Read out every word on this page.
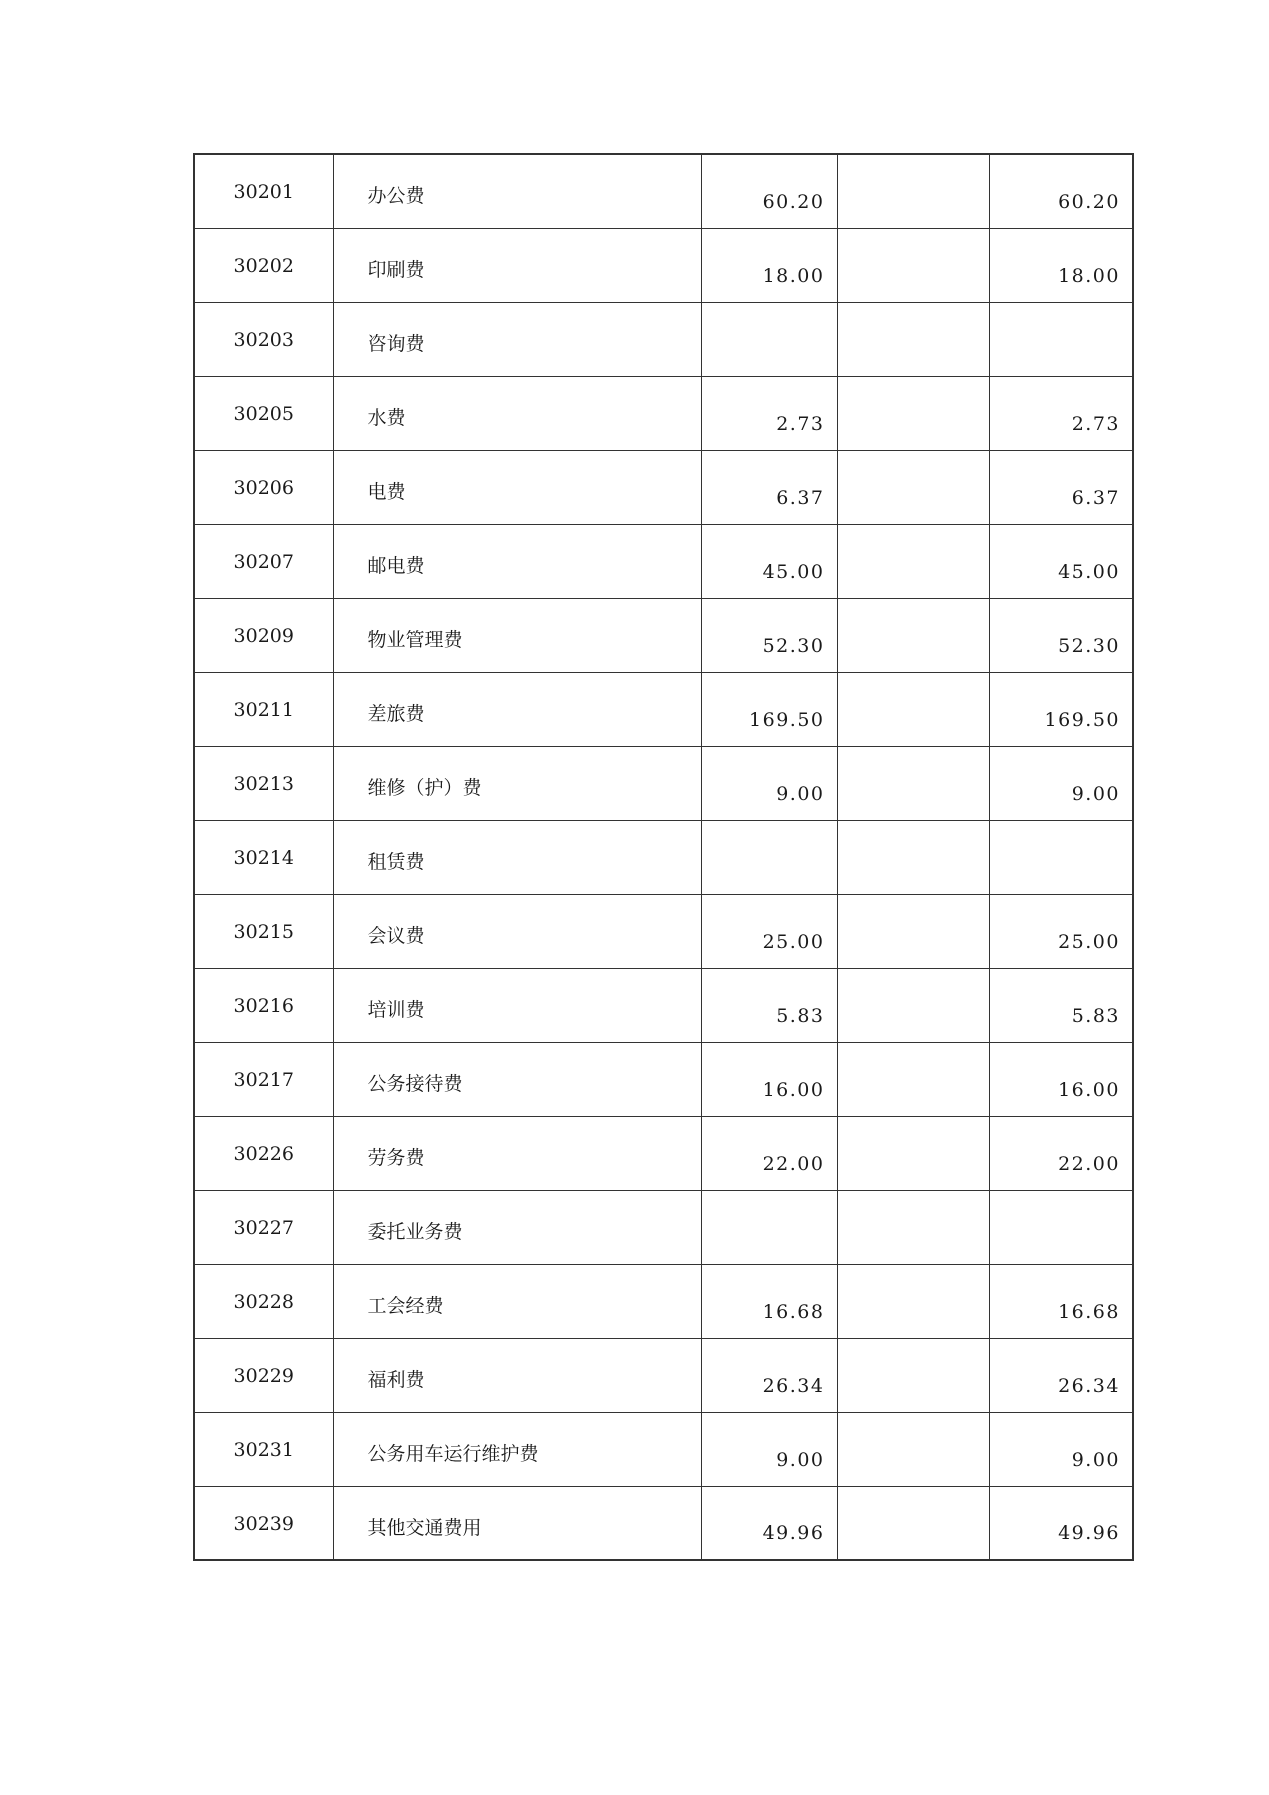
30201	办公费	60.20		60.20
30202	印刷费	18.00		18.00
30203	咨询费			
30205	水费	2.73		2.73
30206	电费	6.37		6.37
30207	邮电费	45.00		45.00
30209	物业管理费	52.30		52.30
30211	差旅费	169.50		169.50
30213	维修（护）费	9.00		9.00
30214	租赁费			
30215	会议费	25.00		25.00
30216	培训费	5.83		5.83
30217	公务接待费	16.00		16.00
30226	劳务费	22.00		22.00
30227	委托业务费			
30228	工会经费	16.68		16.68
30229	福利费	26.34		26.34
30231	公务用车运行维护费	9.00		9.00
30239	其他交通费用	49.96		49.96
